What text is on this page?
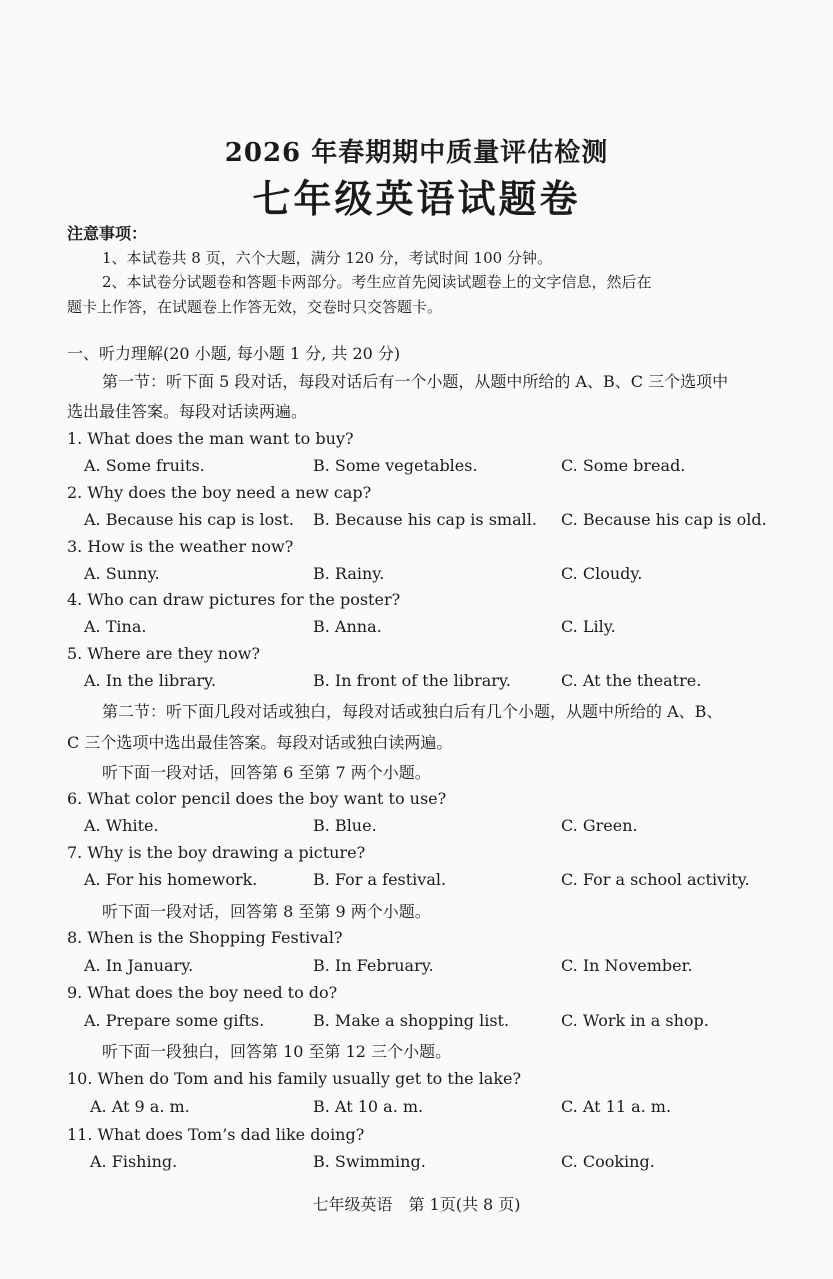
2026 年春期期中质量评估检测
七年级英语试题卷
注意事项：
1、本试卷共 8 页，六个大题，满分 120 分，考试时间 100 分钟。
2、本试卷分试题卷和答题卡两部分。考生应首先阅读试题卷上的文字信息，然后在
题卡上作答，在试题卷上作答无效，交卷时只交答题卡。
一、听力理解(20 小题, 每小题 1 分, 共 20 分)
第一节：听下面 5 段对话，每段对话后有一个小题，从题中所给的 A、B、C 三个选项中
选出最佳答案。每段对话读两遍。
1. What does the man want to buy?
A. Some fruits.	B. Some vegetables.	C. Some bread.
2. Why does the boy need a new cap?
A. Because his cap is lost. B. Because his cap is small. C. Because his cap is old.
3. How is the weather now?
A. Sunny.	B. Rainy.	C. Cloudy.
4. Who can draw pictures for the poster?
A. Tina.	B. Anna.	C. Lily.
5. Where are they now?
A. In the library.	B. In front of the library.	C. At the theatre.
第二节：听下面几段对话或独白，每段对话或独白后有几个小题，从题中所给的 A、B、
C 三个选项中选出最佳答案。每段对话或独白读两遍。
听下面一段对话，回答第 6 至第 7 两个小题。
6. What color pencil does the boy want to use?
A. White.	B. Blue.	C. Green.
7. Why is the boy drawing a picture?
A. For his homework.	B. For a festival.	C. For a school activity.
听下面一段对话，回答第 8 至第 9 两个小题。
8. When is the Shopping Festival?
A. In January.	B. In February.	C. In November.
9. What does the boy need to do?
A. Prepare some gifts.	B. Make a shopping list.	C. Work in a shop.
听下面一段独白，回答第 10 至第 12 三个小题。
10. When do Tom and his family usually get to the lake?
A. At 9 a. m.	B. At 10 a. m.	C. At 11 a. m.
11. What does Tom’s dad like doing?
A. Fishing.	B. Swimming.	C. Cooking.
七年级英语　第 1页(共 8 页)
